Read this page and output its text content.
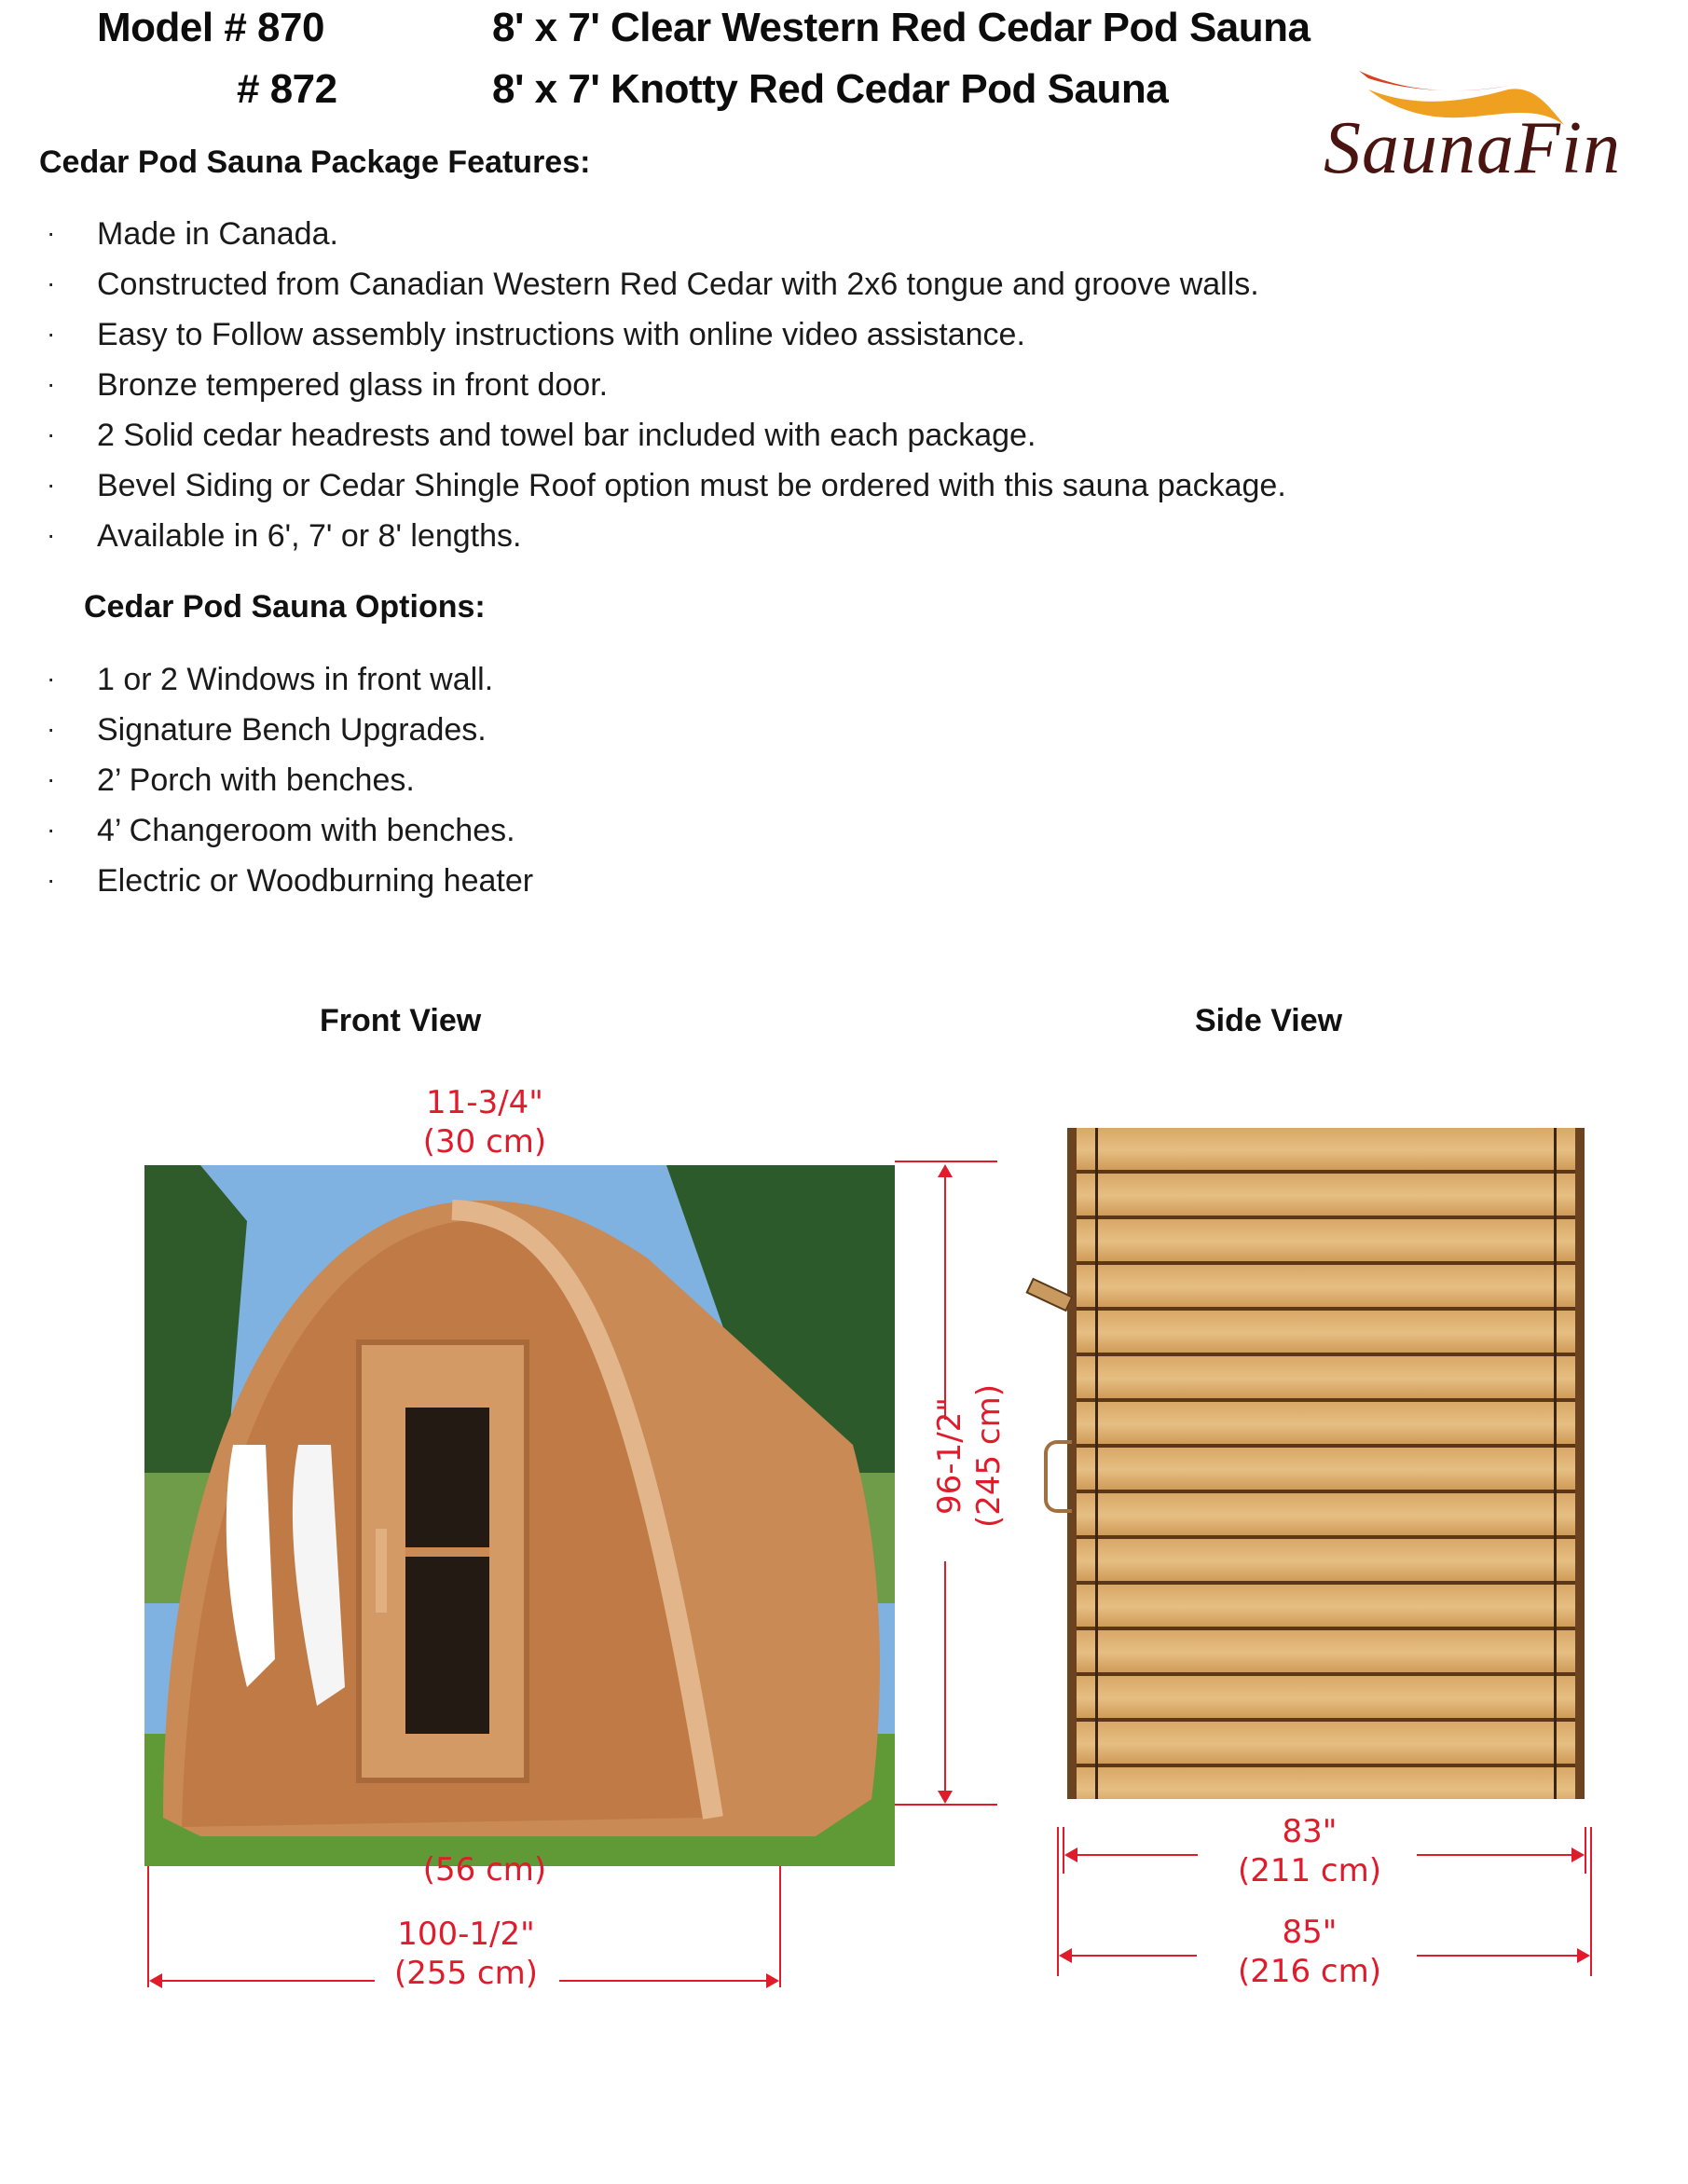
Model # 870	8' x 7' Clear Western Red Cedar Pod Sauna
# 872	8' x 7' Knotty Red Cedar Pod Sauna
SaunaFin
Cedar Pod Sauna Package Features:
· Made in Canada.
· Constructed from Canadian Western Red Cedar with 2x6 tongue and groove walls.
· Easy to Follow assembly instructions with online video assistance.
· Bronze tempered glass in front door.
· 2 Solid cedar headrests and towel bar included with each package.
· Bevel Siding or Cedar Shingle Roof option must be ordered with this sauna package.
· Available in 6', 7' or 8' lengths.
Cedar Pod Sauna Options:
· 1 or 2 Windows in front wall.
· Signature Bench Upgrades.
· 2’ Porch with benches.
· 4’ Changeroom with benches.
· Electric or Woodburning heater
Front View
11-3/4"
(30 cm)
96-1/2" (245 cm)
(56 cm)
100-1/2"
(255 cm)
Side View
83"
(211 cm)
85"
(216 cm)
